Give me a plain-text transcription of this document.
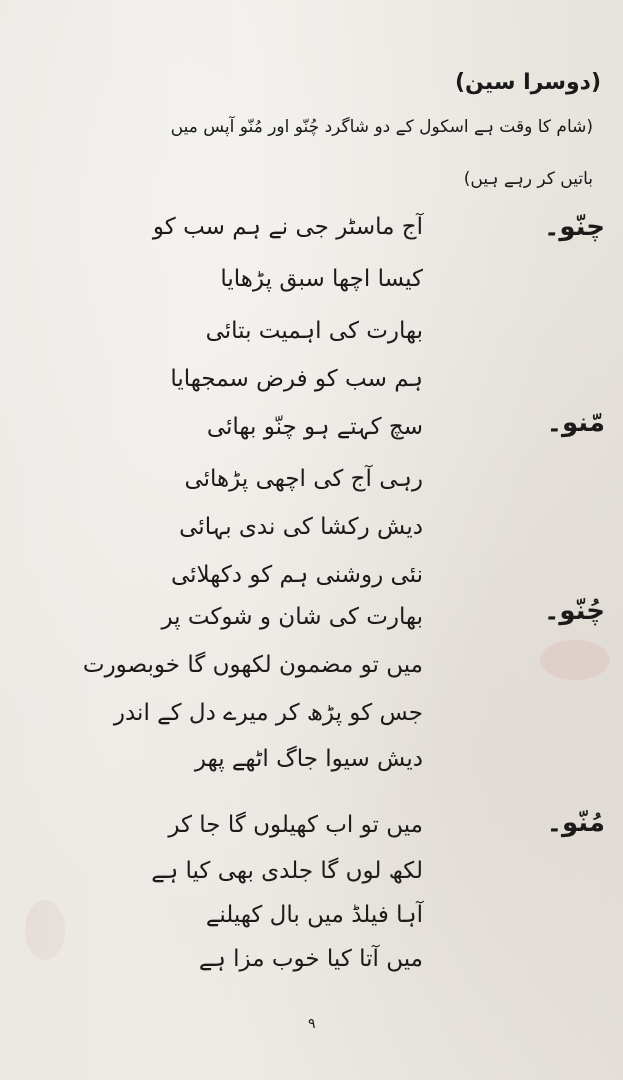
(دوسرا سین)
(شام کا وقت ہے اسکول کے دو شاگرد چُنّو اور مُنّو آپس میں
باتیں کر رہے ہیں)
چنّو۔
آج ماسٹر جی نے ہم سب کو
کیسا اچھا سبق پڑھایا
بھارت کی اہمیت بتائی
ہم سب کو فرض سمجھایا
مّنو۔
سچ کہتے ہو چنّو بھائی
رہی آج کی اچھی پڑھائی
دیش رکشا کی ندی بہائی
نئی روشنی ہم کو دکھلائی
چُنّو۔
بھارت کی شان و شوکت پر
میں تو مضمون لکھوں گا خوبصورت
جس کو پڑھ کر میرے دل کے اندر
دیش سیوا جاگ اٹھے پھر
مُنّو۔
میں تو اب کھیلوں گا جا کر
لکھ لوں گا جلدی بھی کیا ہے
آہا فیلڈ میں بال کھیلنے
میں آتا کیا خوب مزا ہے
٩
